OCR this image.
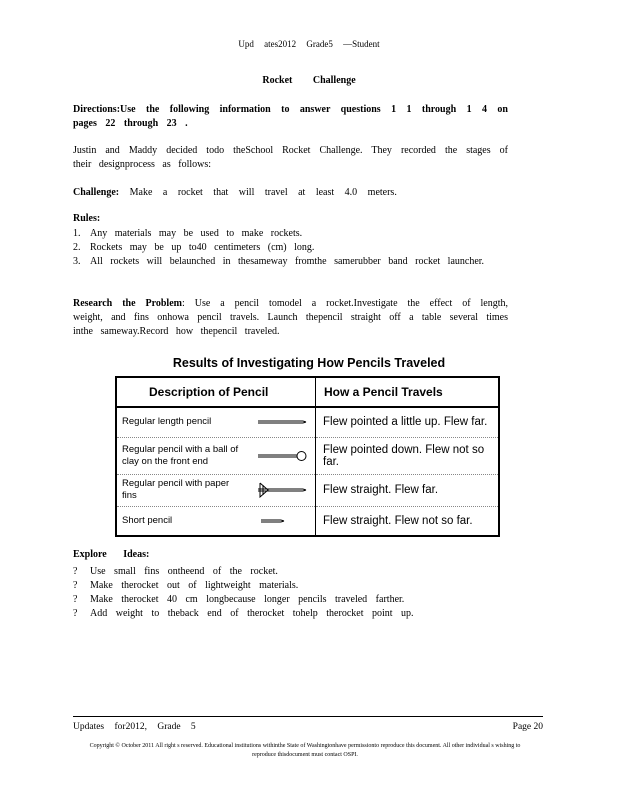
Upd ates2012 Grade5 —Student
Rocket Challenge
Directions:Use the following information to answer questions 1 1 through 1 4 on pages 22 through 23 .
Justin and Maddy decided todo theSchool Rocket Challenge. They recorded the stages of their designprocess as follows:
Challenge: Make a rocket that will travel at least 4.0 meters.
Rules:
1. Any materials may be used to make rockets.
2. Rockets may be up to40 centimeters (cm) long.
3. All rockets will belaunched in thesameway fromthe samerubber band rocket launcher.
Research the Problem: Use a pencil tomodel a rocket.Investigate the effect of length, weight, and fins onhowa pencil travels. Launch thepencil straight off a table several times inthe sameway.Record how thepencil traveled.
Results of Investigating How Pencils Traveled
Description of Pencil	How a Pencil Travels
Regular length pencil	Flew pointed a little up. Flew far.
Regular pencil with a ball of clay on the front end	Flew pointed down. Flew not so far.
Regular pencil with paper fins	Flew straight. Flew far.
Short pencil	Flew straight. Flew not so far.
Explore Ideas:
? Use small fins ontheend of the rocket.
? Make therocket out of lightweight materials.
? Make therocket 40 cm longbecause longer pencils traveled farther.
? Add weight to theback end of therocket tohelp therocket point up.
Updates for2012, Grade 5	Page 20
Copyright © October 2011 All right s reserved. Educational institutions withinthe State of Washingtonhave permissionto reproduce this document. All other individual s wishing to reproduce thisdocument must contact OSPI.
